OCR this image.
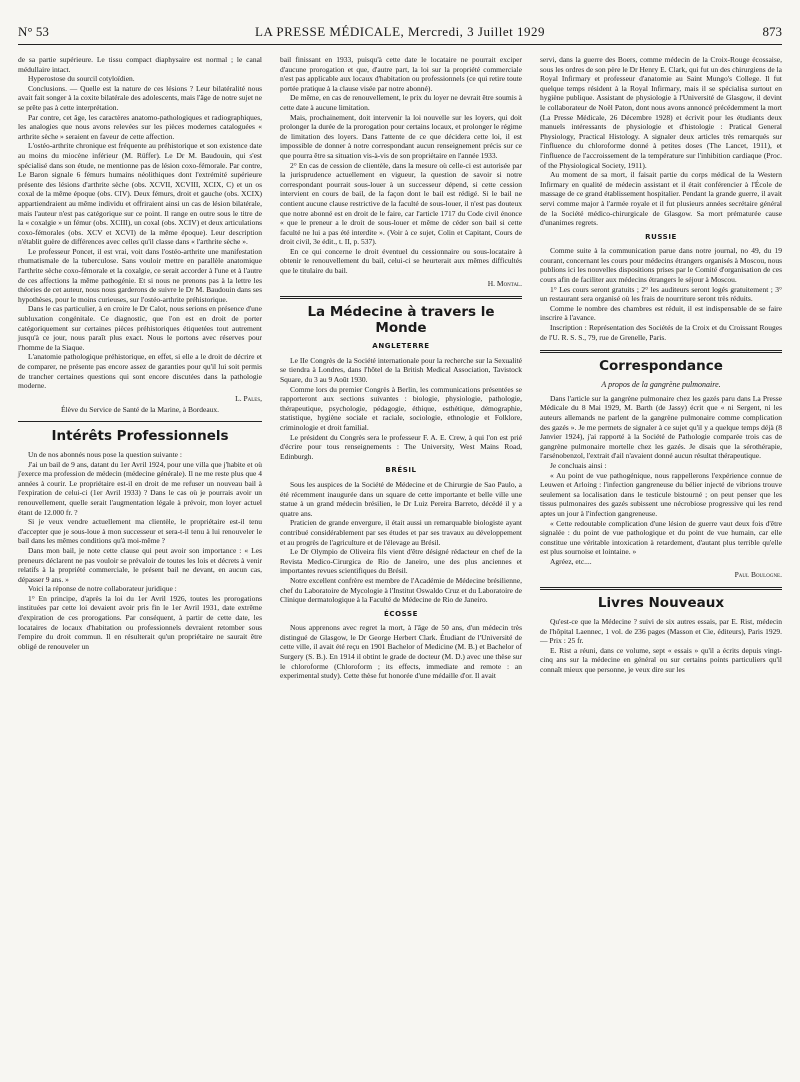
N° 53	LA PRESSE MÉDICALE, Mercredi, 3 Juillet 1929	873

de sa partie supérieure. Le tissu compact diaphysaire est normal ; le canal médullaire intact.

Hyperostose du sourcil cotyloïdien.

Conclusions. — Quelle est la nature de ces lésions ? Leur bilatéralité nous avait fait songer à la coxite bilatérale des adolescents, mais l'âge de notre sujet ne se prête pas à cette interprétation.

Par contre, cet âge, les caractères anatomo-pathologiques et radiographiques, les analogies que nous avons relevées sur les pièces modernes cataloguées « arthrite sèche » seraient en faveur de cette affection.

L'ostéo-arthrite chronique est fréquente au préhistorique et son existence date au moins du miocène inférieur (M. Rüffer). Le Dr M. Baudouin, qui s'est spécialisé dans son étude, ne mentionne pas de lésion coxo-fémorale. Par contre, Le Baron signale 6 fémurs humains néolithiques dont l'extrémité supérieure présente des lésions d'arthrite sèche (obs. XCVII, XCVIII, XCIX, C) et un os coxal de la même époque (obs. CIV). Deux fémurs, droit et gauche (obs. XCIX) appartiendraient au même individu et offriraient ainsi un cas de lésion bilatérale, mais l'auteur n'est pas catégorique sur ce point. Il range en outre sous le titre de la « coxalgie » un fémur (obs. XCIII), un coxal (obs. XCIV) et deux articulations coxo-fémorales (obs. XCV et XCVI) de la même époque). Leur description n'établit guère de différences avec celles qu'il classe dans « l'arthrite sèche ».

Le professeur Poncet, il est vrai, voit dans l'ostéo-arthrite une manifestation rhumatismale de la tuberculose. Sans vouloir mettre en parallèle anatomique l'arthrite sèche coxo-fémorale et la coxalgie, ce serait accorder à l'une et à l'autre de ces affections la même pathogénie. Et si nous ne prenons pas à la lettre les théories de cet auteur, nous nous garderons de suivre le Dr M. Baudouin dans ses hypothèses, pour le moins curieuses, sur l'ostéo-arthrite préhistorique.

Dans le cas particulier, à en croire le Dr Calot, nous serions en présence d'une subluxation congénitale. Ce diagnostic, que l'on est en droit de porter catégoriquement sur certaines pièces préhistoriques étiquetées tout autrement jusqu'à ce jour, nous paraît plus exact. Nous le portons avec réserves pour l'homme de la Siaque.

L'anatomie pathologique préhistorique, en effet, si elle a le droit de décrire et de comparer, ne présente pas encore assez de garanties pour qu'il lui soit permis de trancher certaines questions qui sont encore discutées dans la pathologie moderne.

L. Pales,
Élève du Service de Santé de la Marine, à Bordeaux.
Intérêts Professionnels

Un de nos abonnés nous pose la question suivante :

J'ai un bail de 9 ans, datant du 1er Avril 1924, pour une villa que j'habite et où j'exerce ma profession de médecin (médecine générale). Il ne me reste plus que 4 années à courir. Le propriétaire est-il en droit de me refuser un nouveau bail à l'expiration de celui-ci (1er Avril 1933) ? Dans le cas où je pourrais avoir un renouvellement, quelle serait l'augmentation légale à prévoir, mon loyer actuel étant de 12.000 fr. ?

Si je veux vendre actuellement ma clientèle, le propriétaire est-il tenu d'accepter que je sous-loue à mon successeur et sera-t-il tenu à lui renouveler le bail dans les mêmes conditions qu'à moi-même ?

Dans mon bail, je note cette clause qui peut avoir son importance : « Les preneurs déclarent ne pas vouloir se prévaloir de toutes les lois et décrets à venir relatifs à la propriété commerciale, le présent bail ne devant, en aucun cas, dépasser 9 ans. »

Voici la réponse de notre collaborateur juridique :

1° En principe, d'après la loi du 1er Avril 1926, toutes les prorogations instituées par cette loi devaient avoir pris fin le 1er Avril 1931, date extrême d'expiration de ces prorogations. Par conséquent, à partir de cette date, les locataires de locaux d'habitation ou professionnels devraient retomber sous l'empire du droit commun. Il en résulterait qu'un propriétaire ne saurait être obligé de renouveler un

bail finissant en 1933, puisqu'à cette date le locataire ne pourrait exciper d'aucune prorogation et que, d'autre part, la loi sur la propriété commerciale n'est pas applicable aux locaux d'habitation ou professionnels (ce qui retire toute portée pratique à la clause visée par notre abonné).

De même, en cas de renouvellement, le prix du loyer ne devrait être soumis à cette date à aucune limitation.

Mais, prochainement, doit intervenir la loi nouvelle sur les loyers, qui doit prolonger la durée de la prorogation pour certains locaux, et prolonger le régime de limitation des loyers. Dans l'attente de ce que décidera cette loi, il est impossible de donner à notre correspondant aucun renseignement précis sur ce que pourra être sa situation vis-à-vis de son propriétaire en l'année 1933.

2° En cas de cession de clientèle, dans la mesure où celle-ci est autorisée par la jurisprudence actuellement en vigueur, la question de savoir si notre correspondant pourrait sous-louer à un successeur dépend, si cette cession intervient en cours de bail, de la façon dont le bail est rédigé. Si le bail ne contient aucune clause restrictive de la faculté de sous-louer, il n'est pas douteux que notre abonné est en droit de le faire, car l'article 1717 du Code civil énonce « que le preneur a le droit de sous-louer et même de céder son bail si cette faculté ne lui a pas été interdite ». (Voir à ce sujet, Colin et Capitant, Cours de droit civil, 3e édit., t. II, p. 537).

En ce qui concerne le droit éventuel du cessionnaire ou sous-locataire à obtenir le renouvellement du bail, celui-ci se heurterait aux mêmes difficultés que le titulaire du bail.

H. Montal.
La Médecine à travers le Monde
ANGLETERRE

Le IIe Congrès de la Société internationale pour la recherche sur la Sexualité se tiendra à Londres, dans l'hôtel de la British Medical Association, Tavistock Square, du 3 au 9 Août 1930.

Comme lors du premier Congrès à Berlin, les communications présentées se rapporteront aux sections suivantes : biologie, physiologie, pathologie, thérapeutique, psychologie, pédagogie, éthique, esthétique, démographie, statistique, hygiène sociale et raciale, sociologie, ethnologie et Folklore, criminologie et droit familial.

Le président du Congrès sera le professeur F. A. E. Crew, à qui l'on est prié d'écrire pour tous renseignements : The University, West Mains Road, Edinburgh.

BRÉSIL

Sous les auspices de la Société de Médecine et de Chirurgie de Sao Paulo, a été récemment inaugurée dans un square de cette importante et belle ville une statue à un grand médecin brésilien, le Dr Luiz Pereira Barreto, décédé il y a quatre ans.

Praticien de grande envergure, il était aussi un remarquable biologiste ayant contribué considérablement par ses études et par ses travaux au développement et au progrès de l'agriculture et de l'élevage au Brésil.

Le Dr Olympio de Oliveira fils vient d'être désigné rédacteur en chef de la Revista Medico-Cirurgica de Rio de Janeiro, une des plus anciennes et importantes revues scientifiques du Brésil.

Notre excellent confrère est membre de l'Académie de Médecine brésilienne, chef du Laboratoire de Mycologie à l'Institut Oswaldo Cruz et du Laboratoire de Clinique dermatologique à la Faculté de Médecine de Rio de Janeiro.

ÉCOSSE

Nous apprenons avec regret la mort, à l'âge de 50 ans, d'un médecin très distingué de Glasgow, le Dr George Herbert Clark. Étudiant de l'Université de cette ville, il avait été reçu en 1901 Bachelor of Medicine (M. B.) et Bachelor of Surgery (S. B.). En 1914 il obtint le grade de docteur (M. D.) avec une thèse sur le chloroforme (Chloroform ; its effects, immediate and remote : an experimental study). Cette thèse fut honorée d'une médaille d'or. Il avait

servi, dans la guerre des Boers, comme médecin de la Croix-Rouge écossaise, sous les ordres de son père le Dr Henry E. Clark, qui fut un des chirurgiens de la Royal Infirmary et professeur d'anatomie au Saint Mungo's College. Il fut quelque temps résident à la Royal Infirmary, mais il se spécialisa surtout en hygiène publique. Assistant de physiologie à l'Université de Glasgow, il devint le collaborateur de Noël Paton, dont nous avons annoncé précédemment la mort (La Presse Médicale, 26 Décembre 1928) et écrivit pour les étudiants deux manuels intéressants de physiologie et d'histologie : Pratical General Physiology, Practical Histology. A signaler deux articles très remarqués sur l'influence du chloroforme donné à petites doses (The Lancet, 1911), et l'influence de l'accroissement de la température sur l'inhibition cardiaque (Proc. of the Physiological Society, 1911).

Au moment de sa mort, il faisait partie du corps médical de la Western Infirmary en qualité de médecin assistant et il était conférencier à l'École de massage de ce grand établissement hospitalier. Pendant la grande guerre, il avait servi comme major à l'armée royale et il fut plusieurs années secrétaire général de la Société médico-chirurgicale de Glasgow. Sa mort prématurée cause d'unanimes regrets.

RUSSIE

Comme suite à la communication parue dans notre journal, no 49, du 19 courant, concernant les cours pour médecins étrangers organisés à Moscou, nous publions ici les nouvelles dispositions prises par le Comité d'organisation de ces cours afin de faciliter aux médecins étrangers le séjour à Moscou.

1° Les cours seront gratuits ; 2° les auditeurs seront logés gratuitement ; 3° un restaurant sera organisé où les frais de nourriture seront très réduits.

Comme le nombre des chambres est réduit, il est indispensable de se faire inscrire à l'avance.

Inscription : Représentation des Sociétés de la Croix et du Croissant Rouges de l'U. R. S. S., 79, rue de Grenelle, Paris.

Correspondance
A propos de la gangrène pulmonaire.

Dans l'article sur la gangrène pulmonaire chez les gazés paru dans La Presse Médicale du 8 Mai 1929, M. Barth (de Jassy) écrit que « ni Sergent, ni les auteurs allemands ne parlent de la gangrène pulmonaire comme complication des gazés ». Je me permets de signaler à ce sujet qu'il y a quelque temps déjà (8 Janvier 1924), j'ai rapporté à la Société de Pathologie comparée trois cas de gangrène pulmonaire mortelle chez les gazés. Je disais que la sérothérapie, l'arsénobenzol, l'extrait d'ail n'avaient donné aucun résultat thérapeutique.

Je concluais ainsi :

« Au point de vue pathogénique, nous rappellerons l'expérience connue de Leuwen et Arloing : l'infection gangreneuse du bélier injecté de vibrions trouve seulement sa localisation dans le testicule bistourné ; on peut penser que les tissus pulmonaires des gazés subissent une nécrobiose progressive qui les rend aptes un jour à l'infection gangreneuse.

« Cette redoutable complication d'une lésion de guerre vaut deux fois d'être signalée : du point de vue pathologique et du point de vue humain, car elle constitue une véritable intoxication à retardement, d'autant plus terrible qu'elle est plus sournoise et lointaine. »

Agréez, etc....

Paul Boulogne.
Livres Nouveaux

Qu'est-ce que la Médecine ? suivi de six autres essais, par E. Rist, médecin de l'hôpital Laennec, 1 vol. de 236 pages (Masson et Cie, éditeurs), Paris 1929. — Prix : 25 fr.

E. Rist a réuni, dans ce volume, sept « essais » qu'il a écrits depuis vingt-cinq ans sur la médecine en général ou sur certains points particuliers qu'il connaît mieux que personne, je veux dire sur les
